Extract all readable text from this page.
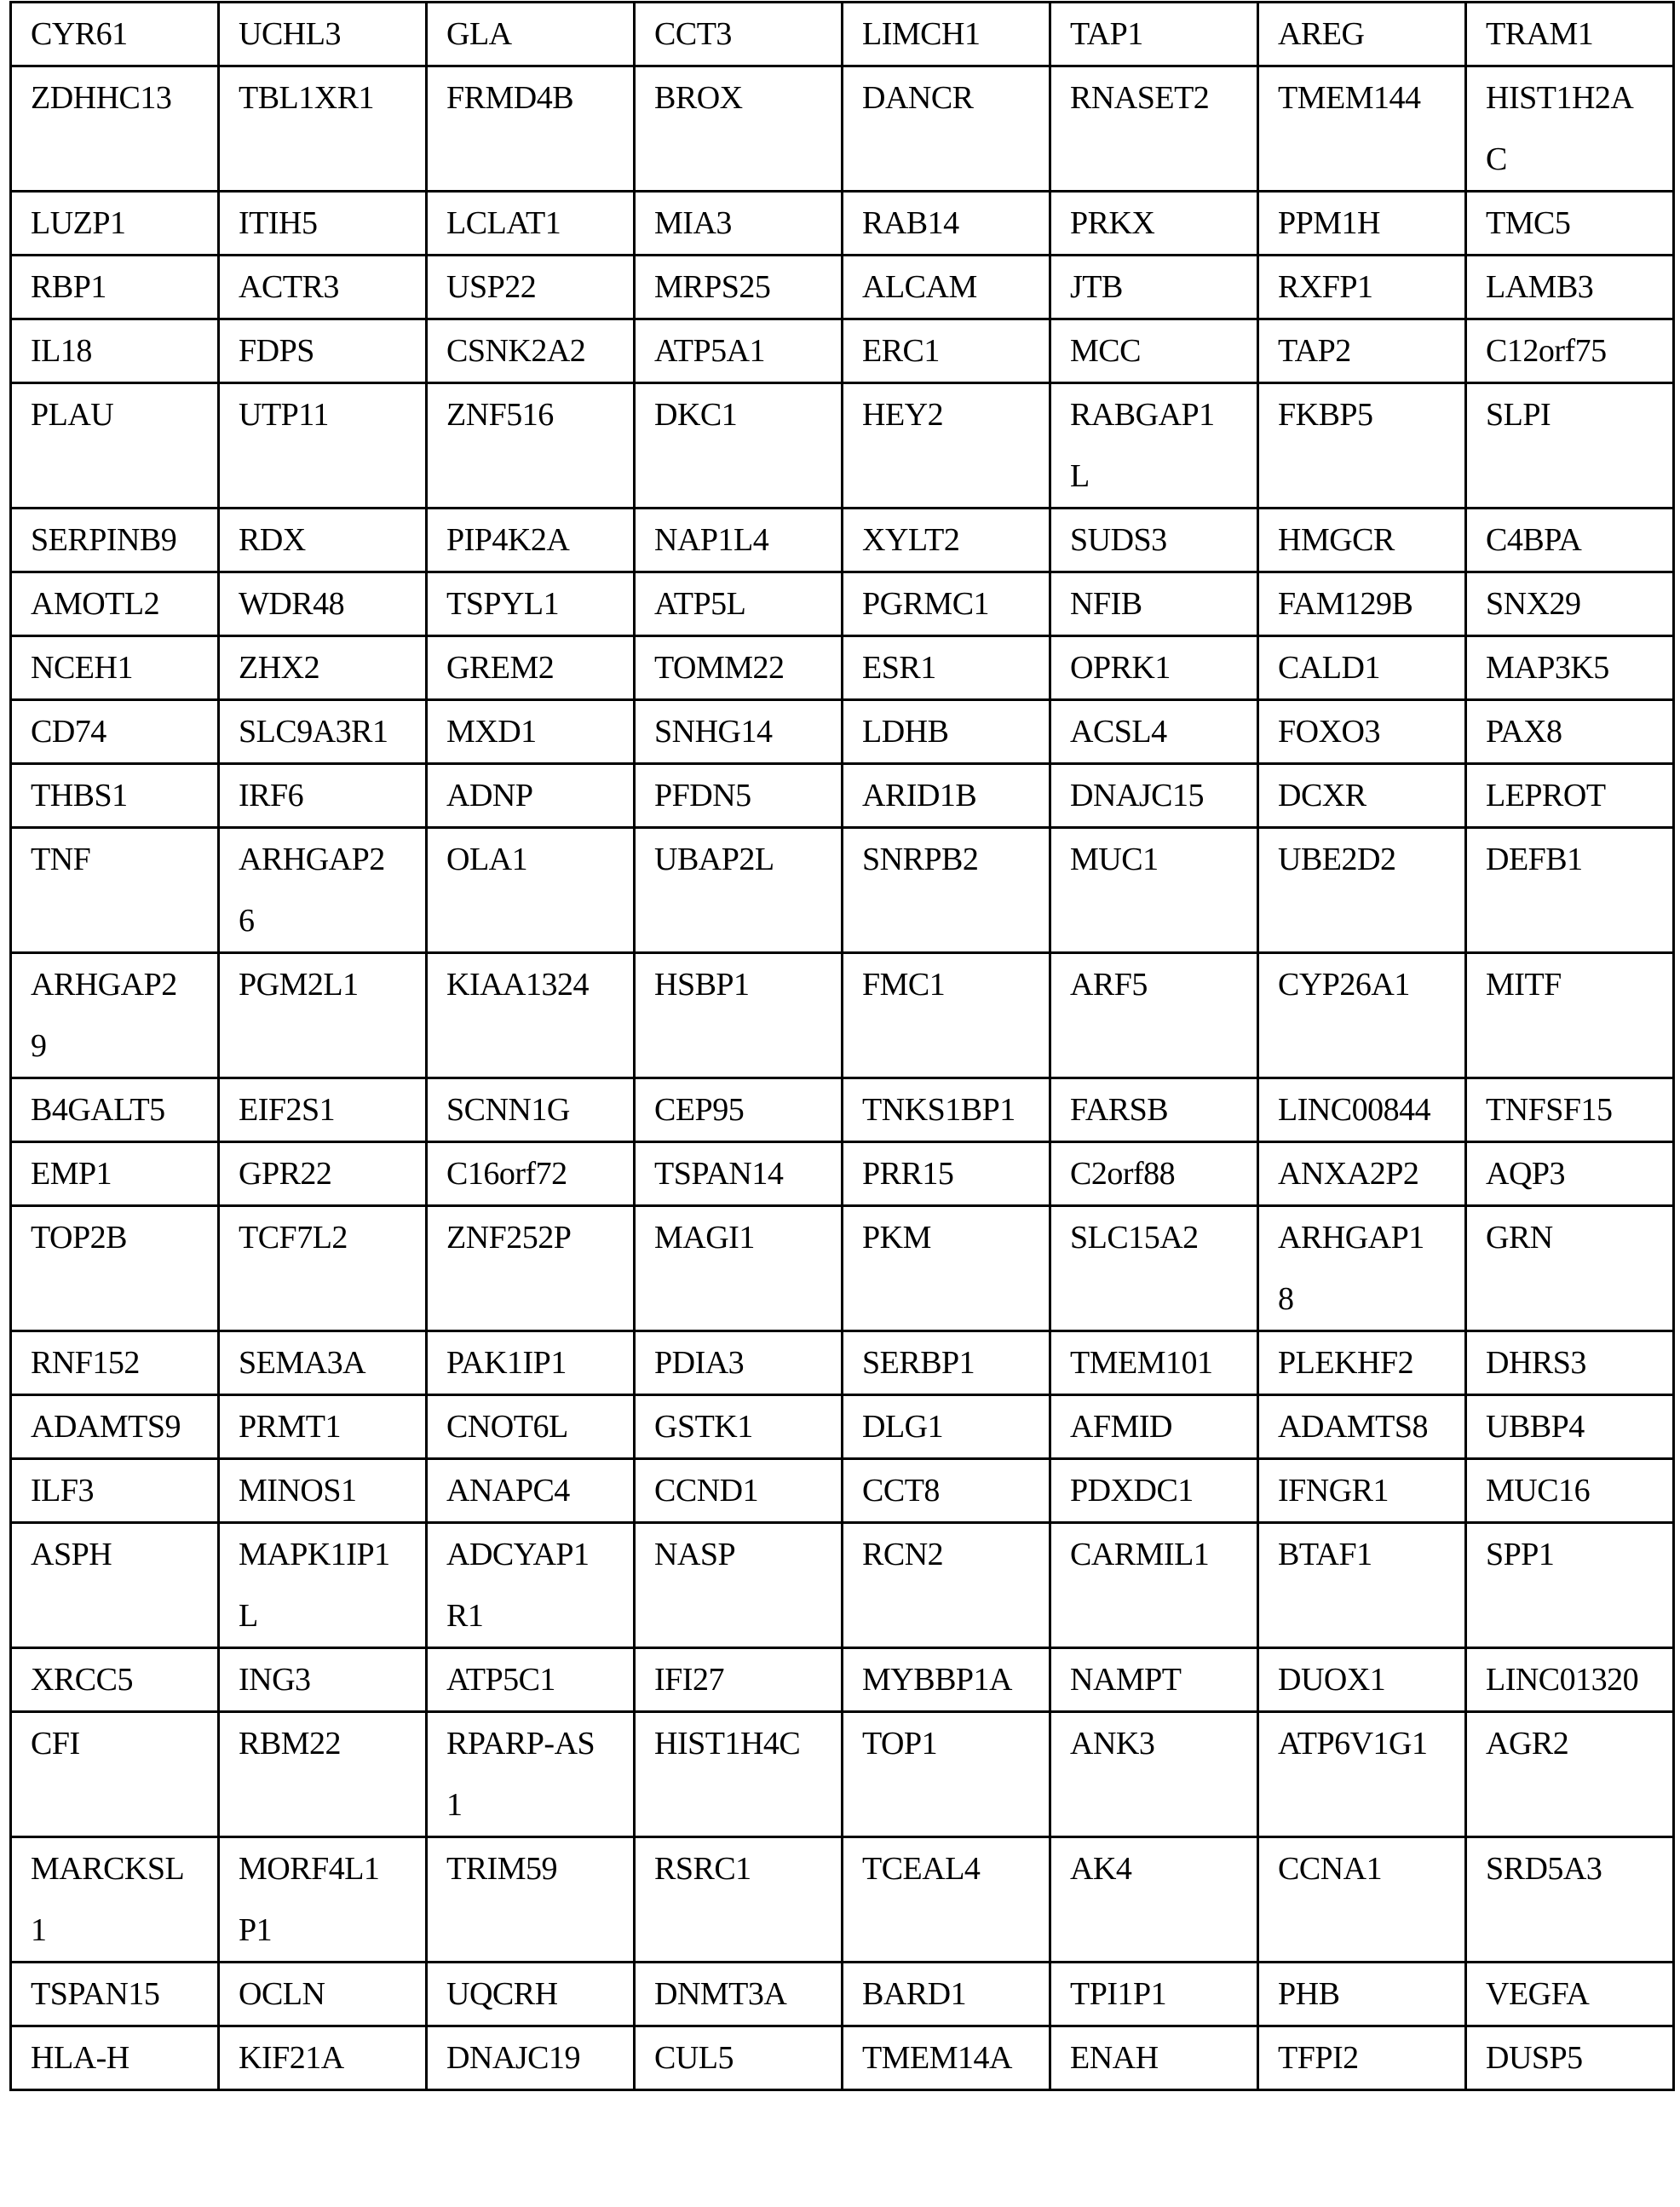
CYR61	UCHL3	GLA	CCT3	LIMCH1	TAP1	AREG	TRAM1
ZDHHC13	TBL1XR1	FRMD4B	BROX	DANCR	RNASET2	TMEM144	HIST1H2AC
LUZP1	ITIH5	LCLAT1	MIA3	RAB14	PRKX	PPM1H	TMC5
RBP1	ACTR3	USP22	MRPS25	ALCAM	JTB	RXFP1	LAMB3
IL18	FDPS	CSNK2A2	ATP5A1	ERC1	MCC	TAP2	C12orf75
PLAU	UTP11	ZNF516	DKC1	HEY2	RABGAP1L	FKBP5	SLPI
SERPINB9	RDX	PIP4K2A	NAP1L4	XYLT2	SUDS3	HMGCR	C4BPA
AMOTL2	WDR48	TSPYL1	ATP5L	PGRMC1	NFIB	FAM129B	SNX29
NCEH1	ZHX2	GREM2	TOMM22	ESR1	OPRK1	CALD1	MAP3K5
CD74	SLC9A3R1	MXD1	SNHG14	LDHB	ACSL4	FOXO3	PAX8
THBS1	IRF6	ADNP	PFDN5	ARID1B	DNAJC15	DCXR	LEPROT
TNF	ARHGAP26	OLA1	UBAP2L	SNRPB2	MUC1	UBE2D2	DEFB1
ARHGAP29	PGM2L1	KIAA1324	HSBP1	FMC1	ARF5	CYP26A1	MITF
B4GALT5	EIF2S1	SCNN1G	CEP95	TNKS1BP1	FARSB	LINC00844	TNFSF15
EMP1	GPR22	C16orf72	TSPAN14	PRR15	C2orf88	ANXA2P2	AQP3
TOP2B	TCF7L2	ZNF252P	MAGI1	PKM	SLC15A2	ARHGAP18	GRN
RNF152	SEMA3A	PAK1IP1	PDIA3	SERBP1	TMEM101	PLEKHF2	DHRS3
ADAMTS9	PRMT1	CNOT6L	GSTK1	DLG1	AFMID	ADAMTS8	UBBP4
ILF3	MINOS1	ANAPC4	CCND1	CCT8	PDXDC1	IFNGR1	MUC16
ASPH	MAPK1IP1L	ADCYAP1R1	NASP	RCN2	CARMIL1	BTAF1	SPP1
XRCC5	ING3	ATP5C1	IFI27	MYBBP1A	NAMPT	DUOX1	LINC01320
CFI	RBM22	RPARP-AS1	HIST1H4C	TOP1	ANK3	ATP6V1G1	AGR2
MARCKSL1	MORF4L1P1	TRIM59	RSRC1	TCEAL4	AK4	CCNA1	SRD5A3
TSPAN15	OCLN	UQCRH	DNMT3A	BARD1	TPI1P1	PHB	VEGFA
HLA-H	KIF21A	DNAJC19	CUL5	TMEM14A	ENAH	TFPI2	DUSP5
